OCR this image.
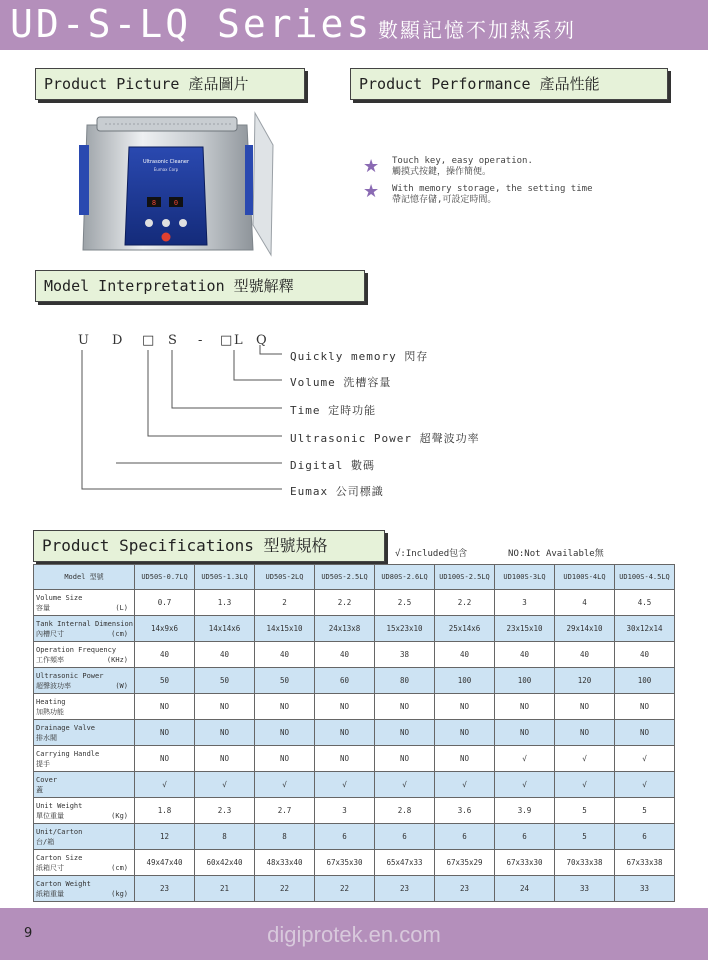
UD-S-LQ Series 數顯記憶不加熱系列
Product Picture 產品圖片	Product Performance 產品性能
Model Interpretation 型號解釋
Ultrasonic Cleaner
Eumax Corp
8	0
★ Touch key, easy operation.
觸摸式按鍵，操作簡便。
★ With memory storage, the setting time
帶記憶存儲,可設定時間。
U D □ S - □ L Q
Quickly memory 閃存
Volume 洗槽容量
Time 定時功能
Ultrasonic Power 超聲波功率
Digital 數碼
Eumax 公司標識
Product Specifications 型號規格	√:Included包含	NO:Not Available無
Model 型號	UD50S-0.7LQ	UD50S-1.3LQ	UD50S-2LQ	UD50S-2.5LQ	UD80S-2.6LQ	UD100S-2.5LQ	UD100S-3LQ	UD100S-4LQ	UD100S-4.5LQ

Volume Size
容量 (L)	0.7	1.3	2	2.2	2.5	2.2	3	4	4.5

Tank Internal Dimension
內槽尺寸 (cm)	14x9x6	14x14x6	14x15x10	24x13x8	15x23x10	25x14x6	23x15x10	29x14x10	30x12x14

Operation Frequency
工作頻率 (KHz)	40	40	40	40	38	40	40	40	40

Ultrasonic Power
超聲波功率 (W)	50	50	50	60	80	100	100	120	100

Heating
加熱功能	NO	NO	NO	NO	NO	NO	NO	NO	NO

Drainage Valve
排水閥	NO	NO	NO	NO	NO	NO	NO	NO	NO

Carrying Handle
提手	NO	NO	NO	NO	NO	NO	√	√	√

Cover
蓋	√	√	√	√	√	√	√	√	√

Unit Weight
單位重量 (Kg)	1.8	2.3	2.7	3	2.8	3.6	3.9	5	5

Unit/Carton
台/箱	12	8	8	6	6	6	6	5	6

Carton Size
紙箱尺寸 (cm)	49x47x40	60x42x40	48x33x40	67x35x30	65x47x33	67x35x29	67x33x30	70x33x38	67x33x38

Carton Weight
紙箱重量 (kg)	23	21	22	22	23	23	24	33	33
9	digiprotek.en.com
